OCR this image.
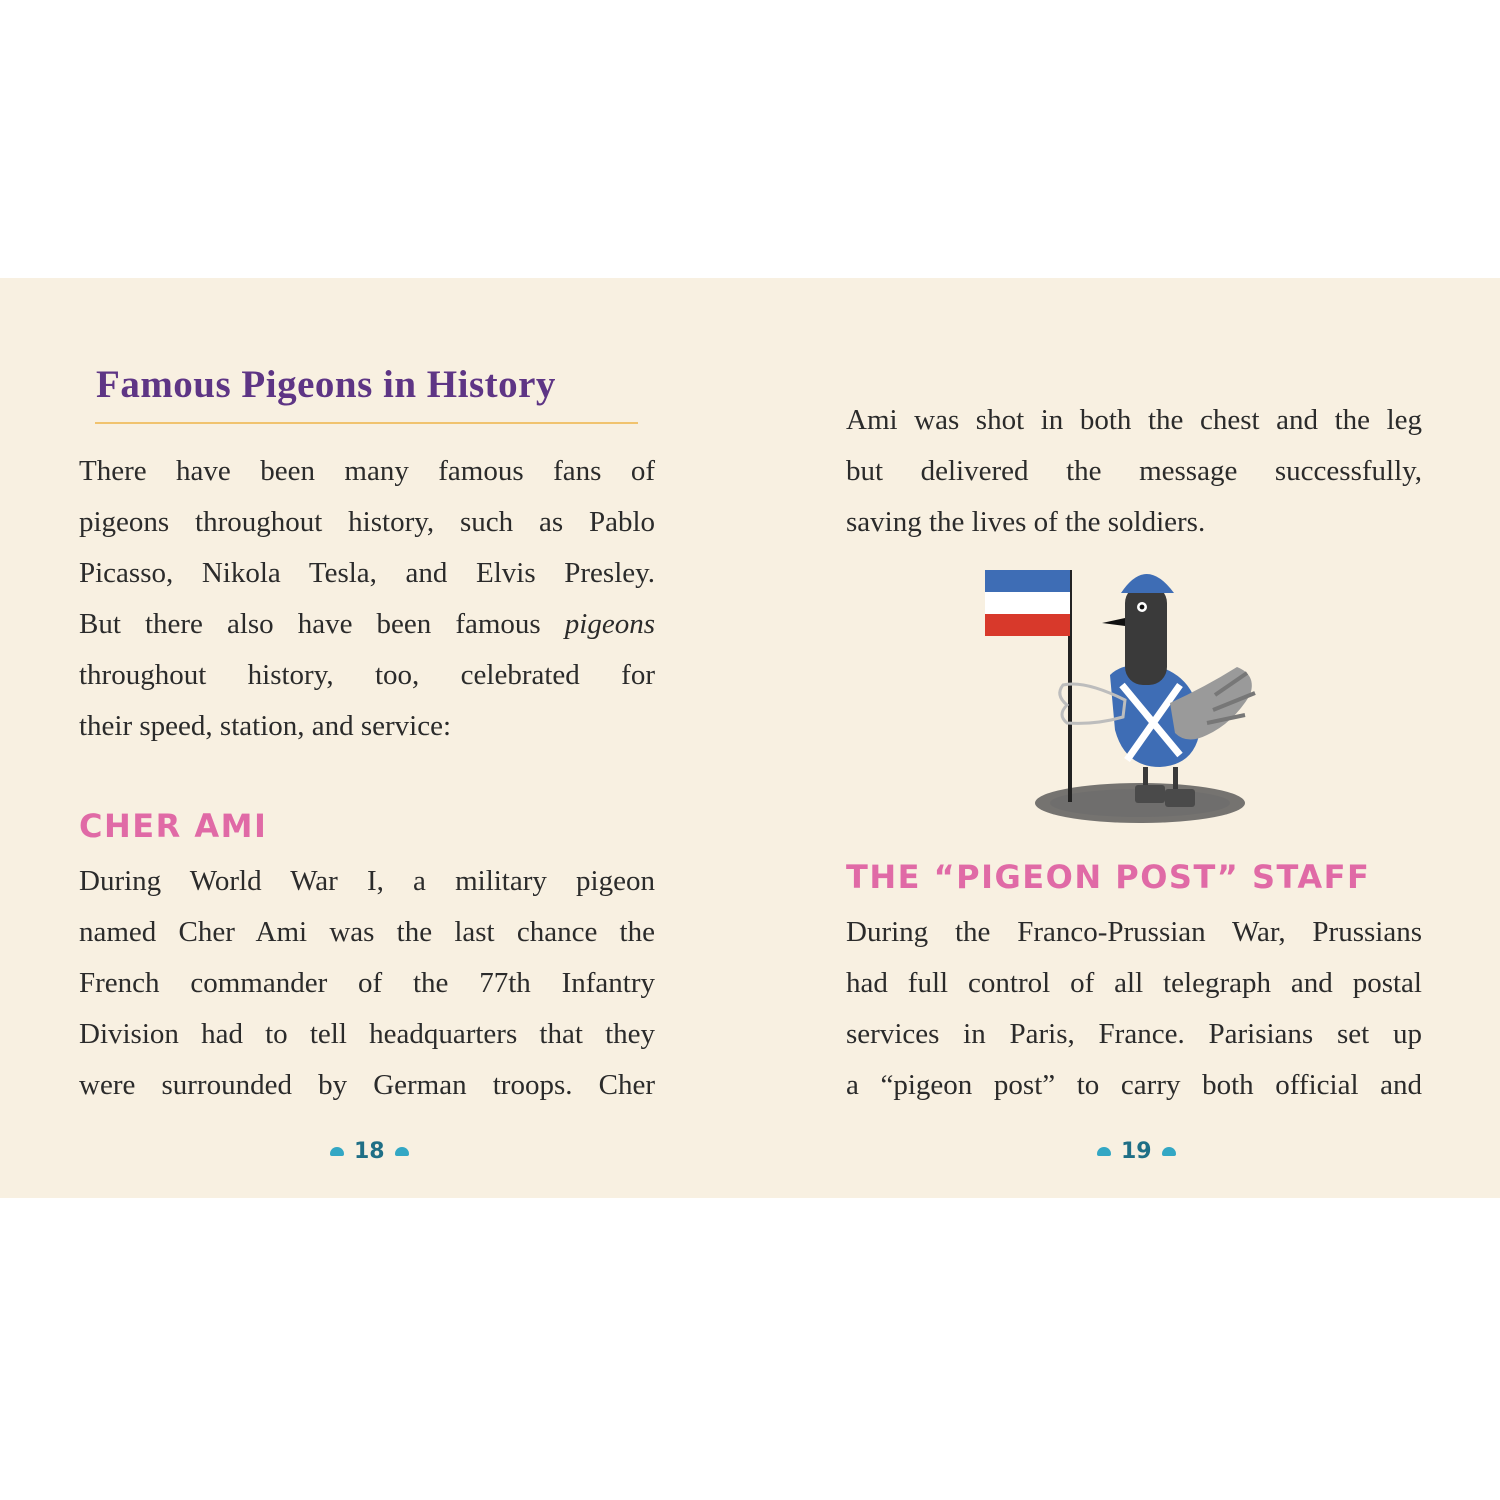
Famous Pigeons in History

There have been many famous fans of
pigeons throughout history, such as Pablo
Picasso, Nikola Tesla, and Elvis Presley.
But there also have been famous pigeons
throughout history, too, celebrated for
their speed, station, and service:

CHER AMI

During World War I, a military pigeon
named Cher Ami was the last chance the
French commander of the 77th Infantry
Division had to tell headquarters that they
were surrounded by German troops. Cher

18

Ami was shot in both the chest and the leg
but delivered the message successfully,
saving the lives of the soldiers.

THE “PIGEON POST” STAFF

During the Franco-Prussian War, Prussians
had full control of all telegraph and postal
services in Paris, France. Parisians set up
a “pigeon post” to carry both official and

19
